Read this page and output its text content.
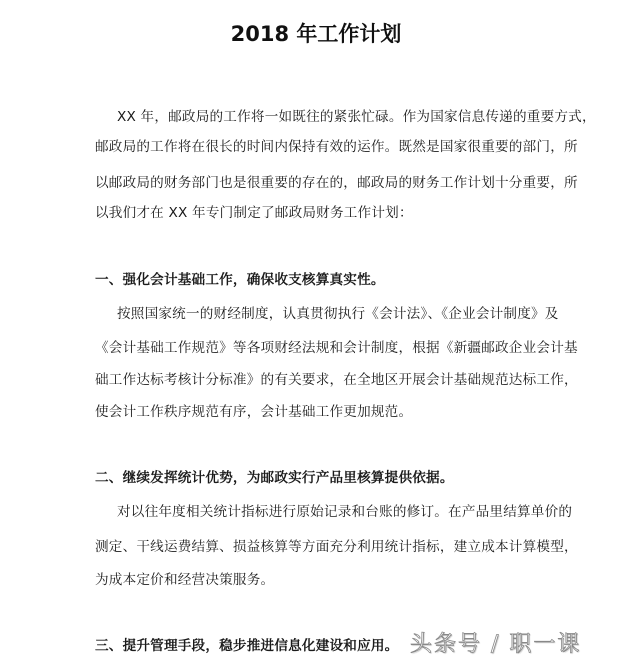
2018 年工作计划
XX 年，邮政局的工作将一如既往的紧张忙碌。作为国家信息传递的重要方式，
邮政局的工作将在很长的时间内保持有效的运作。既然是国家很重要的部门，所
以邮政局的财务部门也是很重要的存在的，邮政局的财务工作计划十分重要，所
以我们才在 XX 年专门制定了邮政局财务工作计划：
一、强化会计基础工作，确保收支核算真实性。
按照国家统一的财经制度，认真贯彻执行《会计法》、《企业会计制度》及
《会计基础工作规范》等各项财经法规和会计制度，根据《新疆邮政企业会计基
础工作达标考核计分标准》的有关要求，在全地区开展会计基础规范达标工作，
使会计工作秩序规范有序，会计基础工作更加规范。
二、继续发挥统计优势，为邮政实行产品里核算提供依据。
对以往年度相关统计指标进行原始记录和台账的修订。在产品里结算单价的
测定、干线运费结算、损益核算等方面充分利用统计指标，建立成本计算模型，
为成本定价和经营决策服务。
三、提升管理手段，稳步推进信息化建设和应用。 头条号 / 职一课
